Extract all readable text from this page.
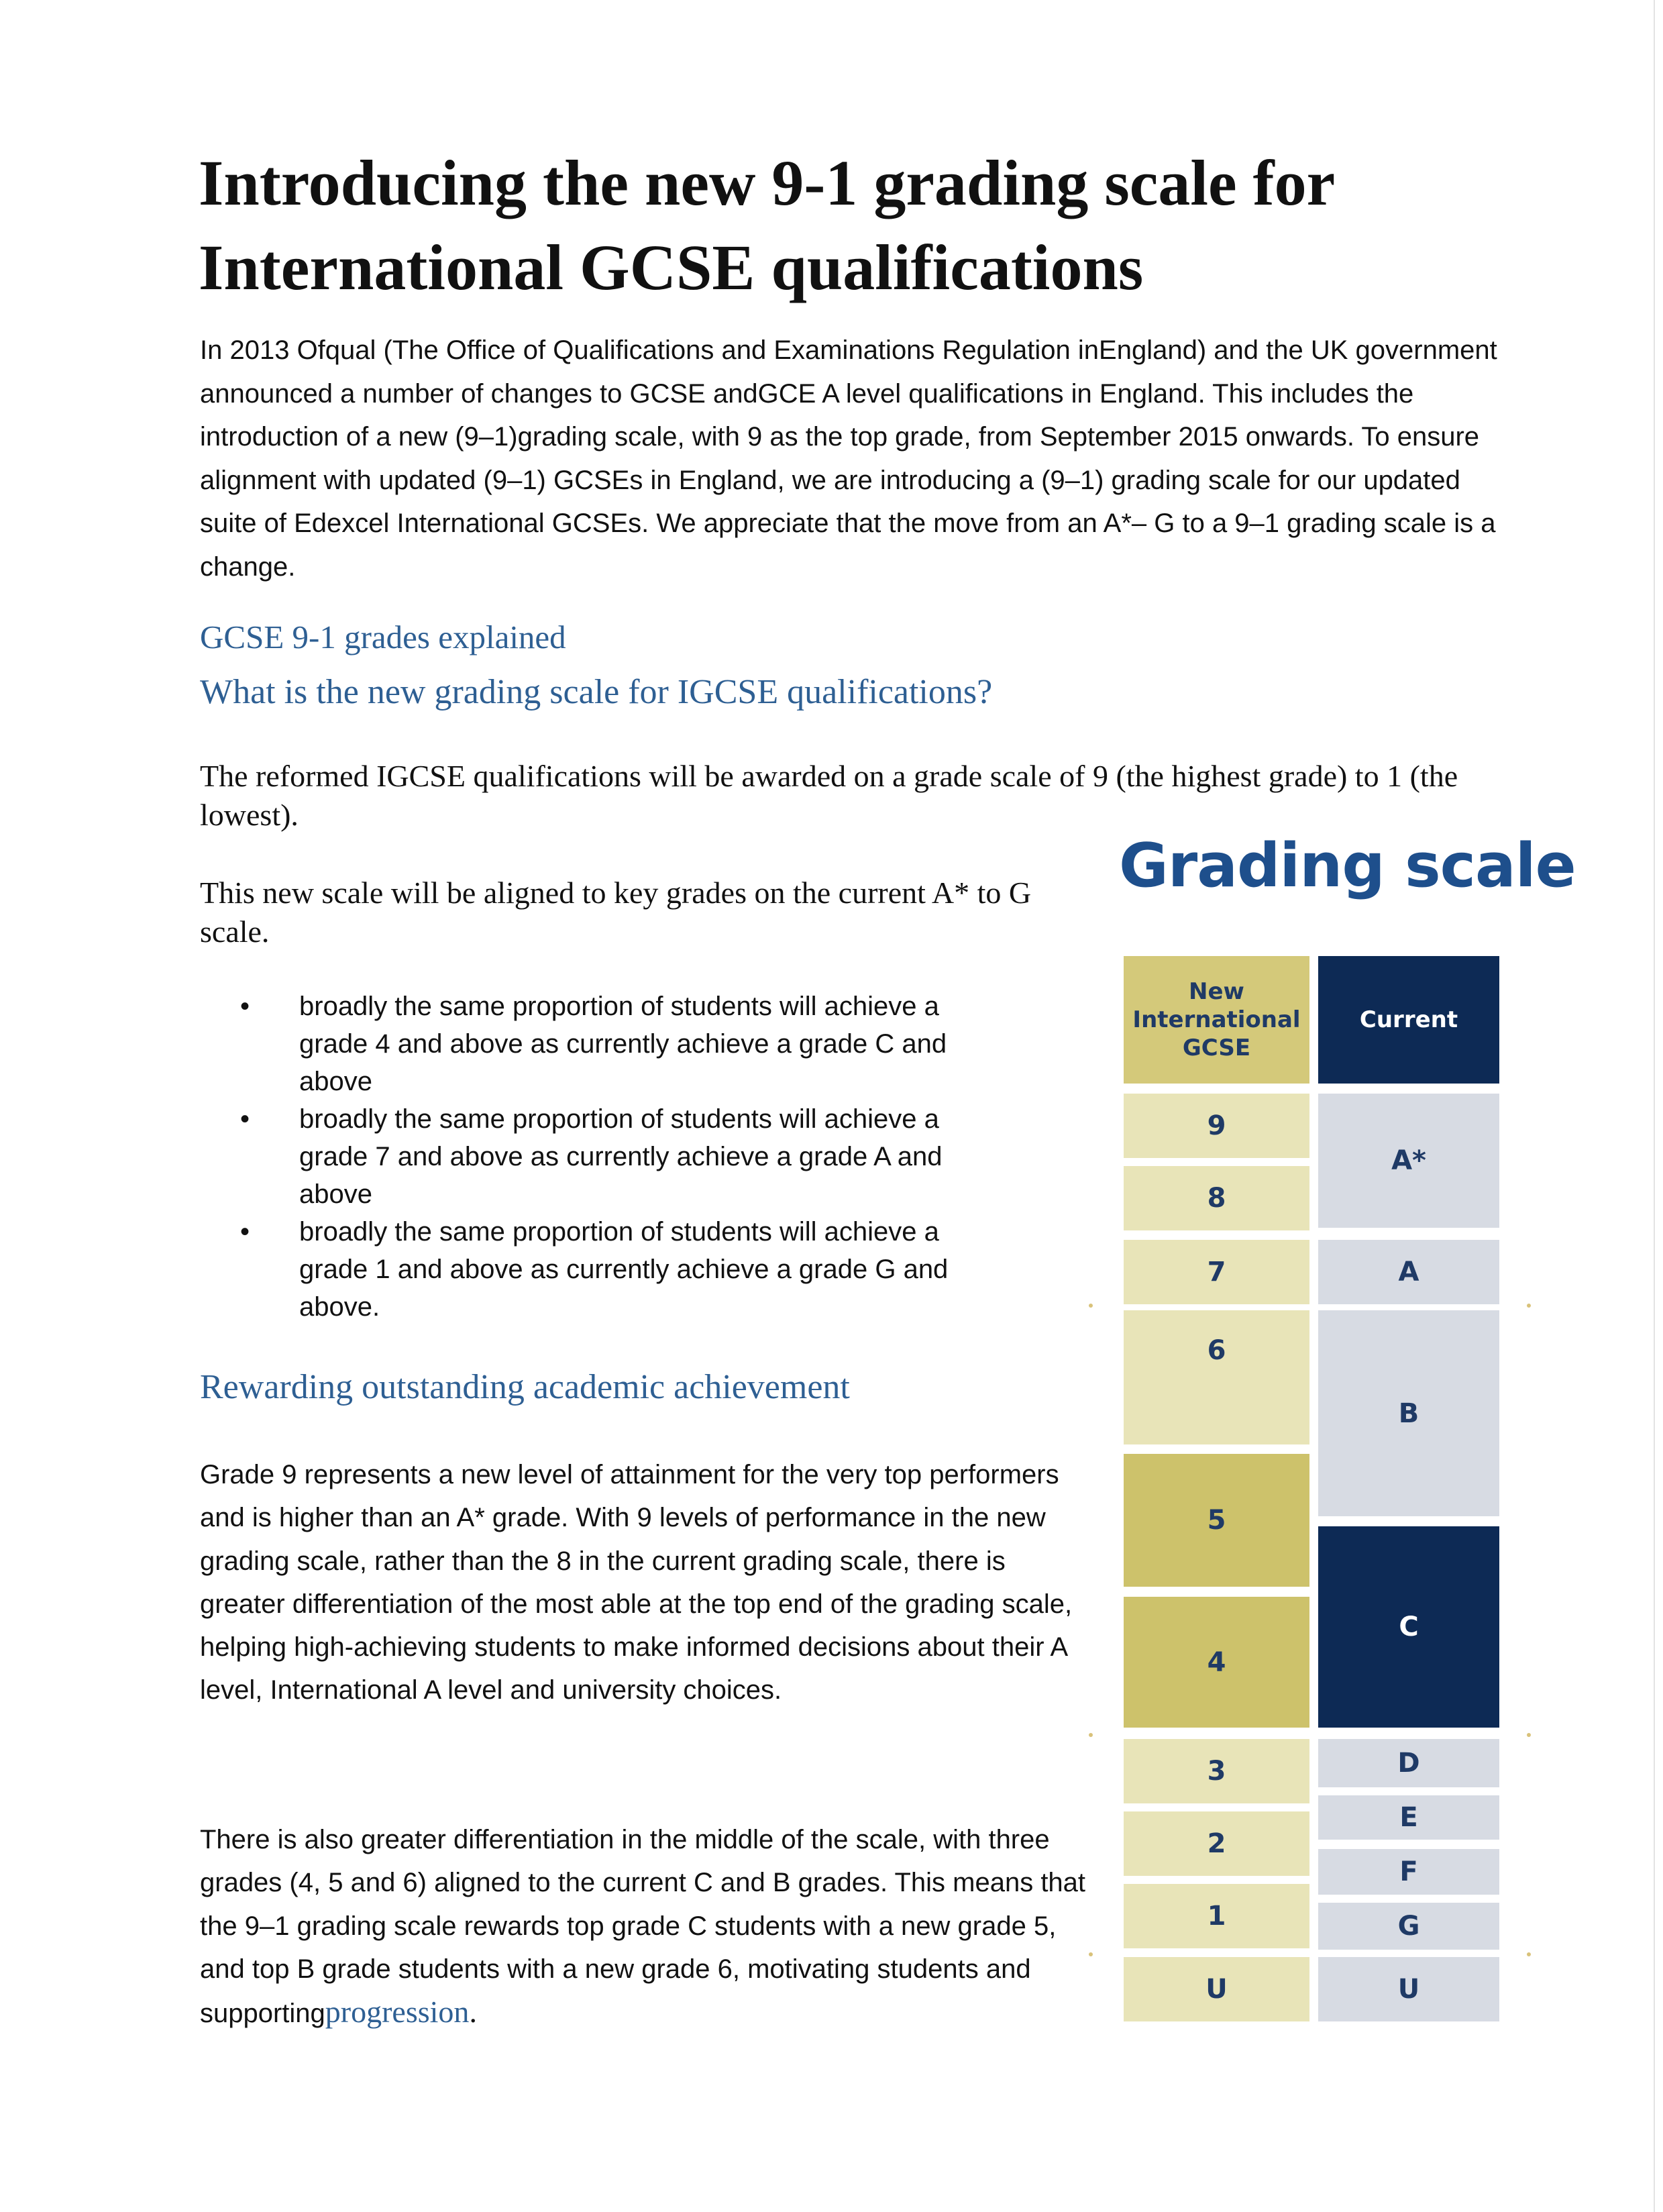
Introducing the new 9-1 grading scale for International GCSE qualifications

In 2013 Ofqual (The Office of Qualifications and Examinations Regulation inEngland) and the UK government announced a number of changes to GCSE andGCE A level qualifications in England. This includes the introduction of a new (9–1)grading scale, with 9 as the top grade, from September 2015 onwards. To ensure alignment with updated (9–1) GCSEs in England, we are introducing a (9–1) grading scale for our updated suite of Edexcel International GCSEs. We appreciate that the move from an A*– G to a 9–1 grading scale is a change.

GCSE 9-1 grades explained
What is the new grading scale for IGCSE qualifications?

The reformed IGCSE qualifications will be awarded on a grade scale of 9 (the highest grade) to 1 (the lowest).

This new scale will be aligned to key grades on the current A* to G scale.

• broadly the same proportion of students will achieve a grade 4 and above as currently achieve a grade C and above
• broadly the same proportion of students will achieve a grade 7 and above as currently achieve a grade A and above
• broadly the same proportion of students will achieve a grade 1 and above as currently achieve a grade G and above.
Rewarding outstanding academic achievement

Grade 9 represents a new level of attainment for the very top performers and is higher than an A* grade. With 9 levels of performance in the new grading scale, rather than the 8 in the current grading scale, there is greater differentiation of the most able at the top end of the grading scale, helping high-achieving students to make informed decisions about their A level, International A level and university choices.

There is also greater differentiation in the middle of the scale, with three grades (4, 5 and 6) aligned to the current C and B grades. This means that the 9–1 grading scale rewards top grade C students with a new grade 5, and top B grade students with a new grade 6, motivating students and supportingprogression.

Grading scale
New
International
GCSE
Current
9
8
7
6
5
4
3
2
1
U
A*
A
B
C
D
E
F
G
U
